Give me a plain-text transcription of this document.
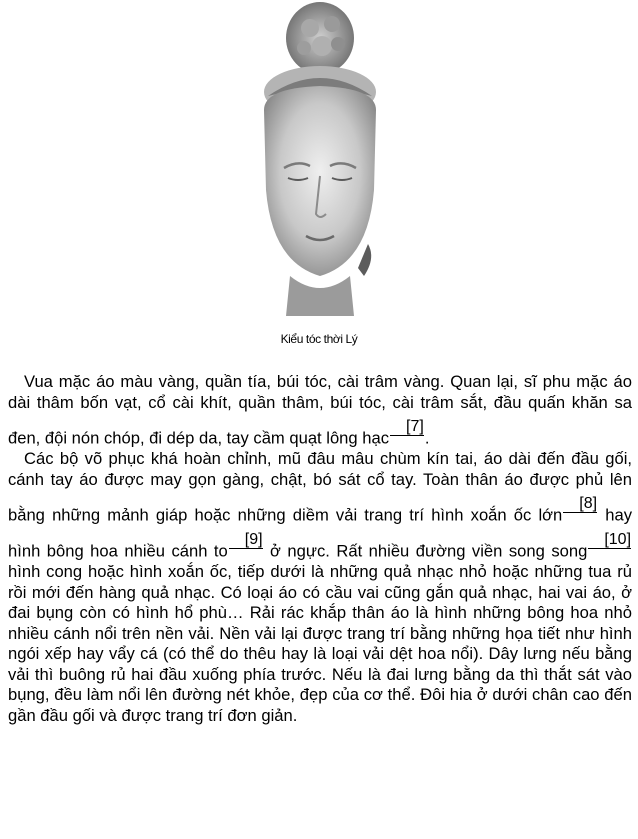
Kiểu tóc thời Lý

Vua mặc áo màu vàng, quần tía, búi tóc, cài trâm vàng. Quan lại, sĩ phu mặc áo dài thâm bốn vạt, cổ cài khít, quần thâm, búi tóc, cài trâm sắt, đầu quấn khăn sa đen, đội nón chóp, đi dép da, tay cầm quạt lông hạc[7].

Các bộ võ phục khá hoàn chỉnh, mũ đâu mâu chùm kín tai, áo dài đến đầu gối, cánh tay áo được may gọn gàng, chật, bó sát cổ tay. Toàn thân áo được phủ lên bằng những mảnh giáp hoặc những diềm vải trang trí hình xoắn ốc lớn[8] hay hình bông hoa nhiều cánh to[9] ở ngực. Rất nhiều đường viền song song[10] hình cong hoặc hình xoắn ốc, tiếp dưới là những quả nhạc nhỏ hoặc những tua rủ rồi mới đến hàng quả nhạc. Có loại áo có cầu vai cũng gắn quả nhạc, hai vai áo, ở đai bụng còn có hình hổ phù… Rải rác khắp thân áo là hình những bông hoa nhỏ nhiều cánh nổi trên nền vải. Nền vải lại được trang trí bằng những họa tiết như hình ngói xếp hay vẩy cá (có thể do thêu hay là loại vải dệt hoa nổi). Dây lưng nếu bằng vải thì buông rủ hai đầu xuống phía trước. Nếu là đai lưng bằng da thì thắt sát vào bụng, đều làm nổi lên đường nét khỏe, đẹp của cơ thể. Đôi hia ở dưới chân cao đến gần đầu gối và được trang trí đơn giản.
